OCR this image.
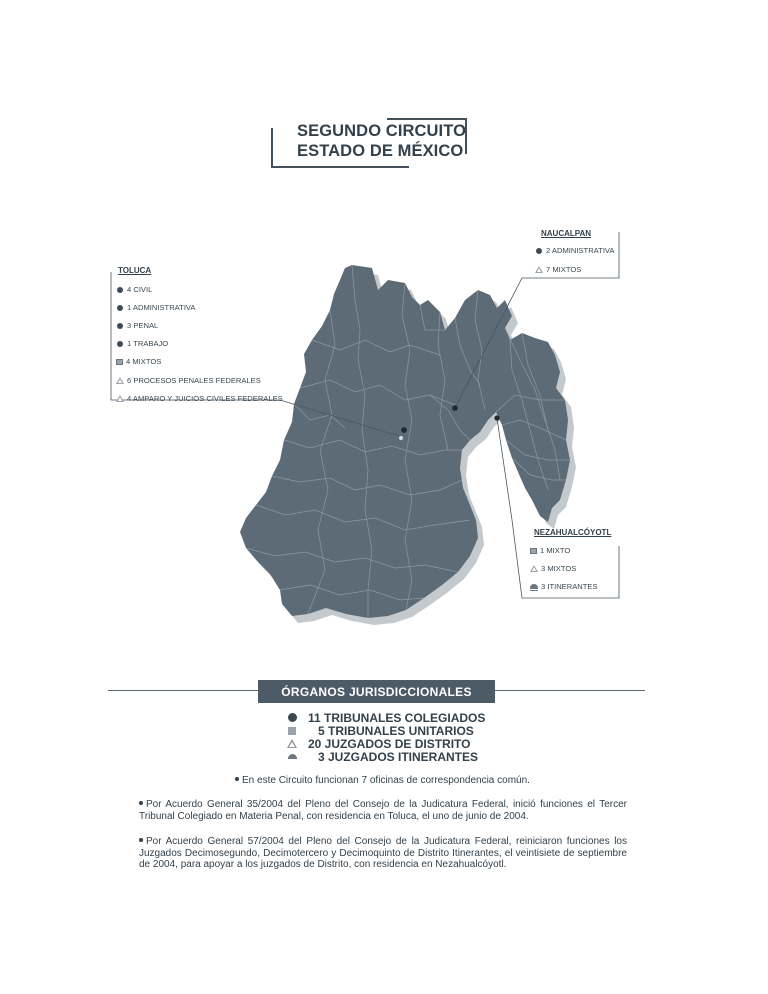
SEGUNDO CIRCUITO
ESTADO DE MÉXICO
TOLUCA
4 CIVIL
1 ADMINISTRATIVA
3 PENAL
1 TRABAJO
4 MIXTOS
6 PROCESOS PENALES FEDERALES
4 AMPARO Y JUICIOS CIVILES FEDERALES
NAUCALPAN
2 ADMINISTRATIVA
7 MIXTOS
NEZAHUALCÓYOTL
1 MIXTO
3 MIXTOS
3 ITINERANTES
ÓRGANOS JURISDICCIONALES
11 TRIBUNALES COLEGIADOS
5 TRIBUNALES UNITARIOS
20 JUZGADOS DE DISTRITO
3 JUZGADOS ITINERANTES
En este Circuito funcionan 7 oficinas de correspondencia común.
Por Acuerdo General 35/2004 del Pleno del Consejo de la Judicatura Federal, inició funciones el Tercer Tribunal Colegiado en Materia Penal, con residencia en Toluca, el uno de junio de 2004.
Por Acuerdo General 57/2004 del Pleno del Consejo de la Judicatura Federal, reiniciaron funciones los Juzgados Decimosegundo, Decimotercero y Decimoquinto de Distrito Itinerantes, el veintisiete de septiembre de 2004, para apoyar a los juzgados de Distrito, con residencia en Nezahualcóyotl.
